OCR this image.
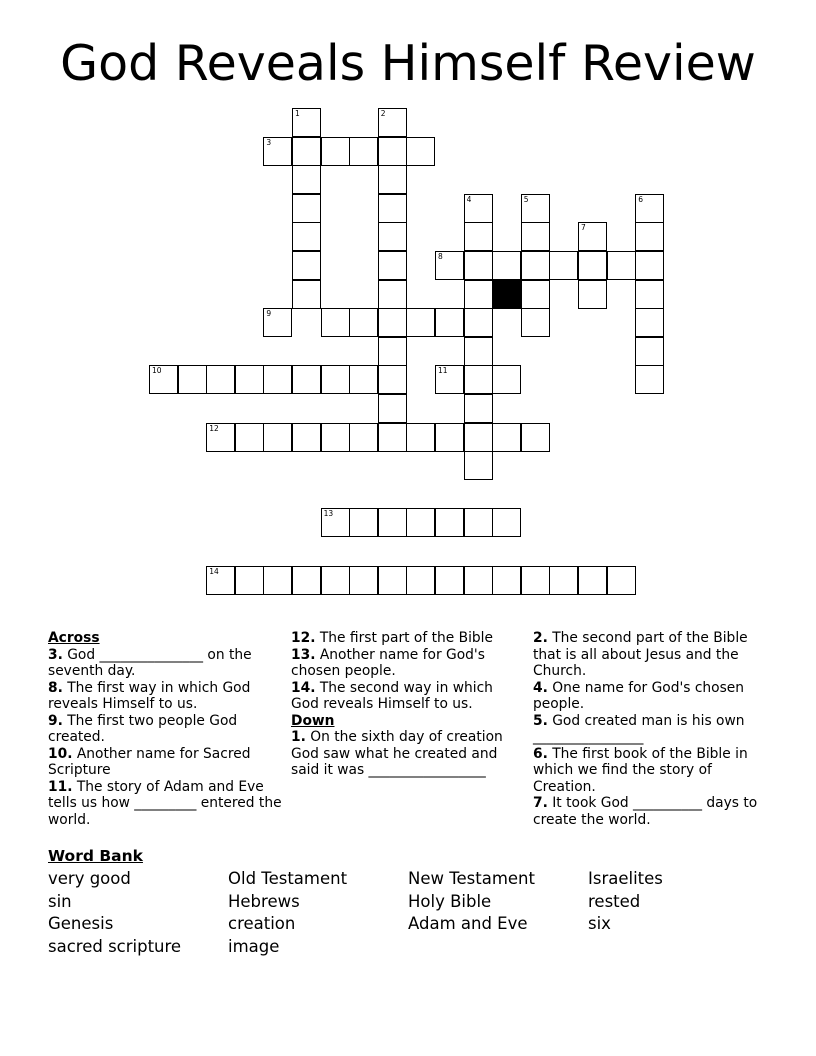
God Reveals Himself Review
1	2
3
4	5	6
7
8
9
10	11
12
13
14
Across
3. God _______________ on the seventh day.
8. The first way in which God reveals Himself to us.
9. The first two people God created.
10. Another name for Sacred Scripture
11. The story of Adam and Eve tells us how _________ entered the world.
12. The first part of the Bible
13. Another name for God's chosen people.
14. The second way in which God reveals Himself to us.
Down
1. On the sixth day of creation God saw what he created and said it was _________________
2. The second part of the Bible that is all about Jesus and the Church.
4. One name for God's chosen people.
5. God created man is his own ________________
6. The first book of the Bible in which we find the story of Creation.
7. It took God __________ days to create the world.
Word Bank
very good	Old Testament	New Testament	Israelites
sin	Hebrews	Holy Bible	rested
Genesis	creation	Adam and Eve	six
sacred scripture	image
